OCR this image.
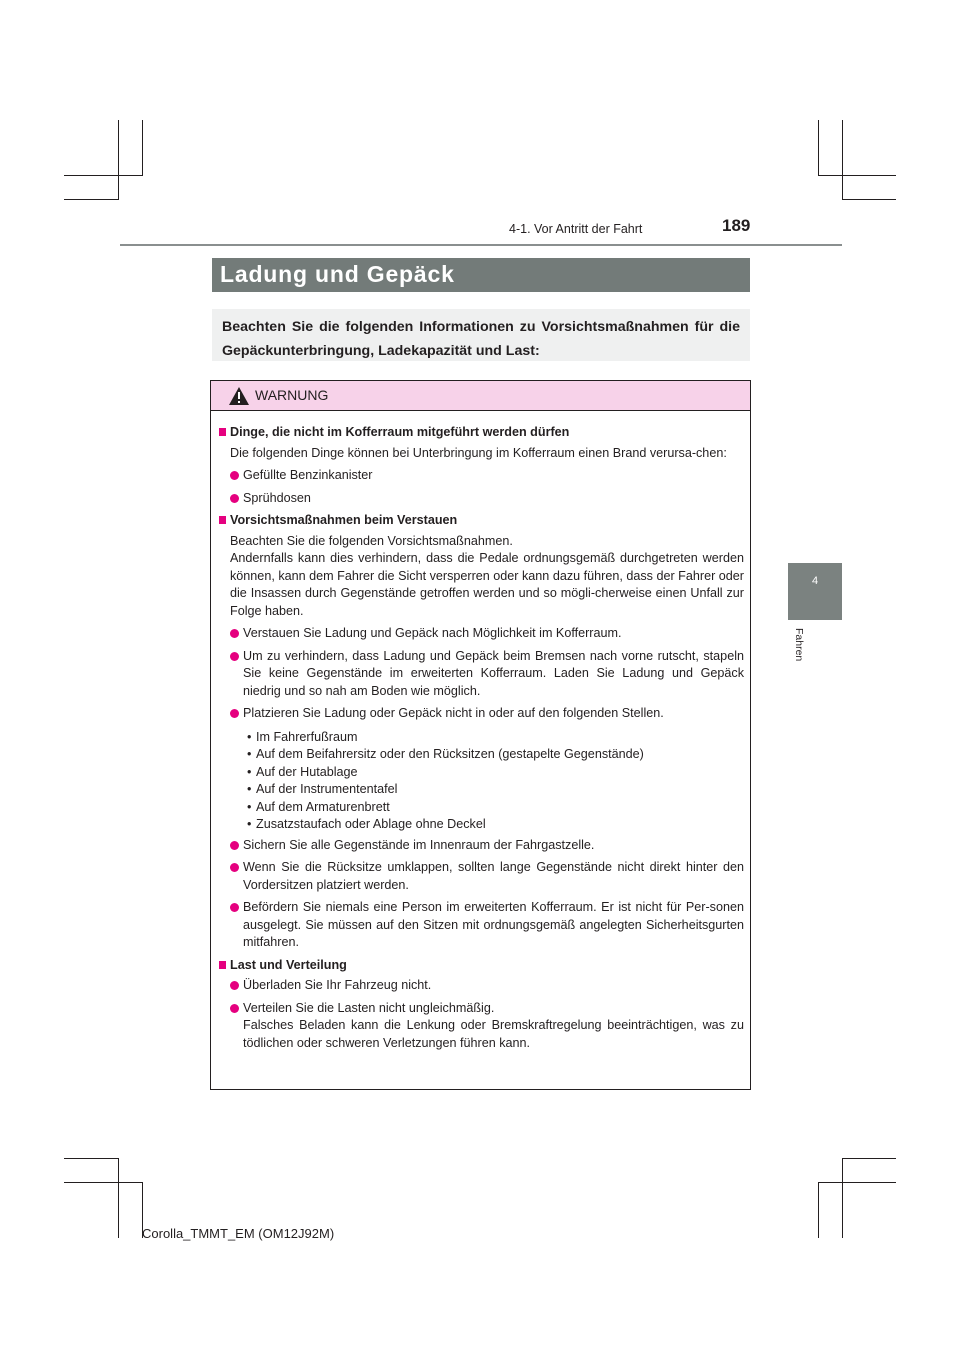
4-1. Vor Antritt der Fahrt	189
4
Fahren
Ladung und Gepäck
Beachten Sie die folgenden Informationen zu Vorsichtsmaßnahmen für die Gepäckunterbringung, Ladekapazität und Last:
WARNUNG
Dinge, die nicht im Kofferraum mitgeführt werden dürfen
Die folgenden Dinge können bei Unterbringung im Kofferraum einen Brand verursa-chen:
Gefüllte Benzinkanister
Sprühdosen
Vorsichtsmaßnahmen beim Verstauen
Beachten Sie die folgenden Vorsichtsmaßnahmen.
Andernfalls kann dies verhindern, dass die Pedale ordnungsgemäß durchgetreten werden können, kann dem Fahrer die Sicht versperren oder kann dazu führen, dass der Fahrer oder die Insassen durch Gegenstände getroffen werden und so mögli-cherweise einen Unfall zur Folge haben.
Verstauen Sie Ladung und Gepäck nach Möglichkeit im Kofferraum.
Um zu verhindern, dass Ladung und Gepäck beim Bremsen nach vorne rutscht, stapeln Sie keine Gegenstände im erweiterten Kofferraum. Laden Sie Ladung und Gepäck niedrig und so nah am Boden wie möglich.
Platzieren Sie Ladung oder Gepäck nicht in oder auf den folgenden Stellen.
• Im Fahrerfußraum
• Auf dem Beifahrersitz oder den Rücksitzen (gestapelte Gegenstände)
• Auf der Hutablage
• Auf der Instrumententafel
• Auf dem Armaturenbrett
• Zusatzstaufach oder Ablage ohne Deckel
Sichern Sie alle Gegenstände im Innenraum der Fahrgastzelle.
Wenn Sie die Rücksitze umklappen, sollten lange Gegenstände nicht direkt hinter den Vordersitzen platziert werden.
Befördern Sie niemals eine Person im erweiterten Kofferraum. Er ist nicht für Per-sonen ausgelegt. Sie müssen auf den Sitzen mit ordnungsgemäß angelegten Sicherheitsgurten mitfahren.
Last und Verteilung
Überladen Sie Ihr Fahrzeug nicht.
Verteilen Sie die Lasten nicht ungleichmäßig.
Falsches Beladen kann die Lenkung oder Bremskraftregelung beeinträchtigen, was zu tödlichen oder schweren Verletzungen führen kann.
Corolla_TMMT_EM (OM12J92M)
